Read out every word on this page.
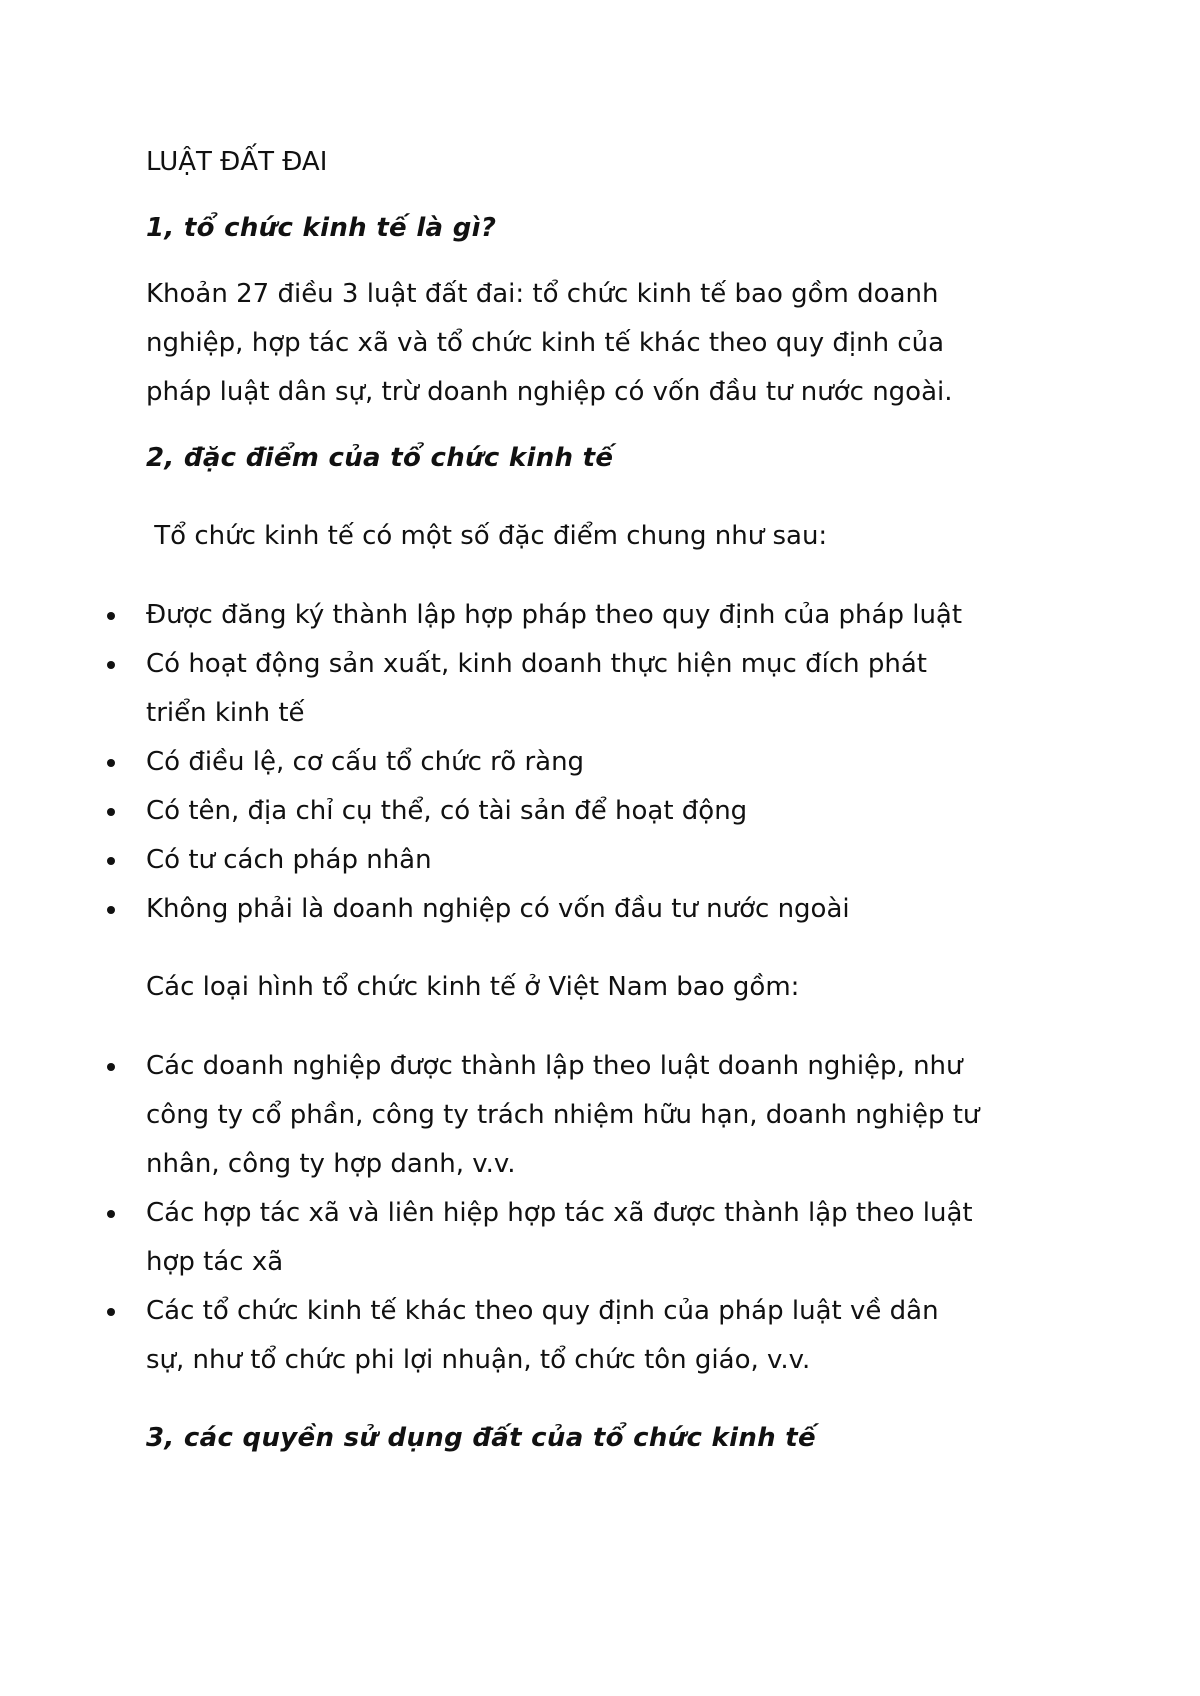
LUẬT ĐẤT ĐAI
1, tổ chức kinh tế là gì?
Khoản 27 điều 3 luật đất đai: tổ chức kinh tế bao gồm doanh
nghiệp, hợp tác xã và tổ chức kinh tế khác theo quy định của
pháp luật dân sự, trừ doanh nghiệp có vốn đầu tư nước ngoài.
2, đặc điểm của tổ chức kinh tế
Tổ chức kinh tế có một số đặc điểm chung như sau:
Được đăng ký thành lập hợp pháp theo quy định của pháp luật
Có hoạt động sản xuất, kinh doanh thực hiện mục đích phát
triển kinh tế
Có điều lệ, cơ cấu tổ chức rõ ràng
Có tên, địa chỉ cụ thể, có tài sản để hoạt động
Có tư cách pháp nhân
Không phải là doanh nghiệp có vốn đầu tư nước ngoài
Các loại hình tổ chức kinh tế ở Việt Nam bao gồm:
Các doanh nghiệp được thành lập theo luật doanh nghiệp, như
công ty cổ phần, công ty trách nhiệm hữu hạn, doanh nghiệp tư
nhân, công ty hợp danh, v.v.
Các hợp tác xã và liên hiệp hợp tác xã được thành lập theo luật
hợp tác xã
Các tổ chức kinh tế khác theo quy định của pháp luật về dân
sự, như tổ chức phi lợi nhuận, tổ chức tôn giáo, v.v.
3, các quyền sử dụng đất của tổ chức kinh tế
